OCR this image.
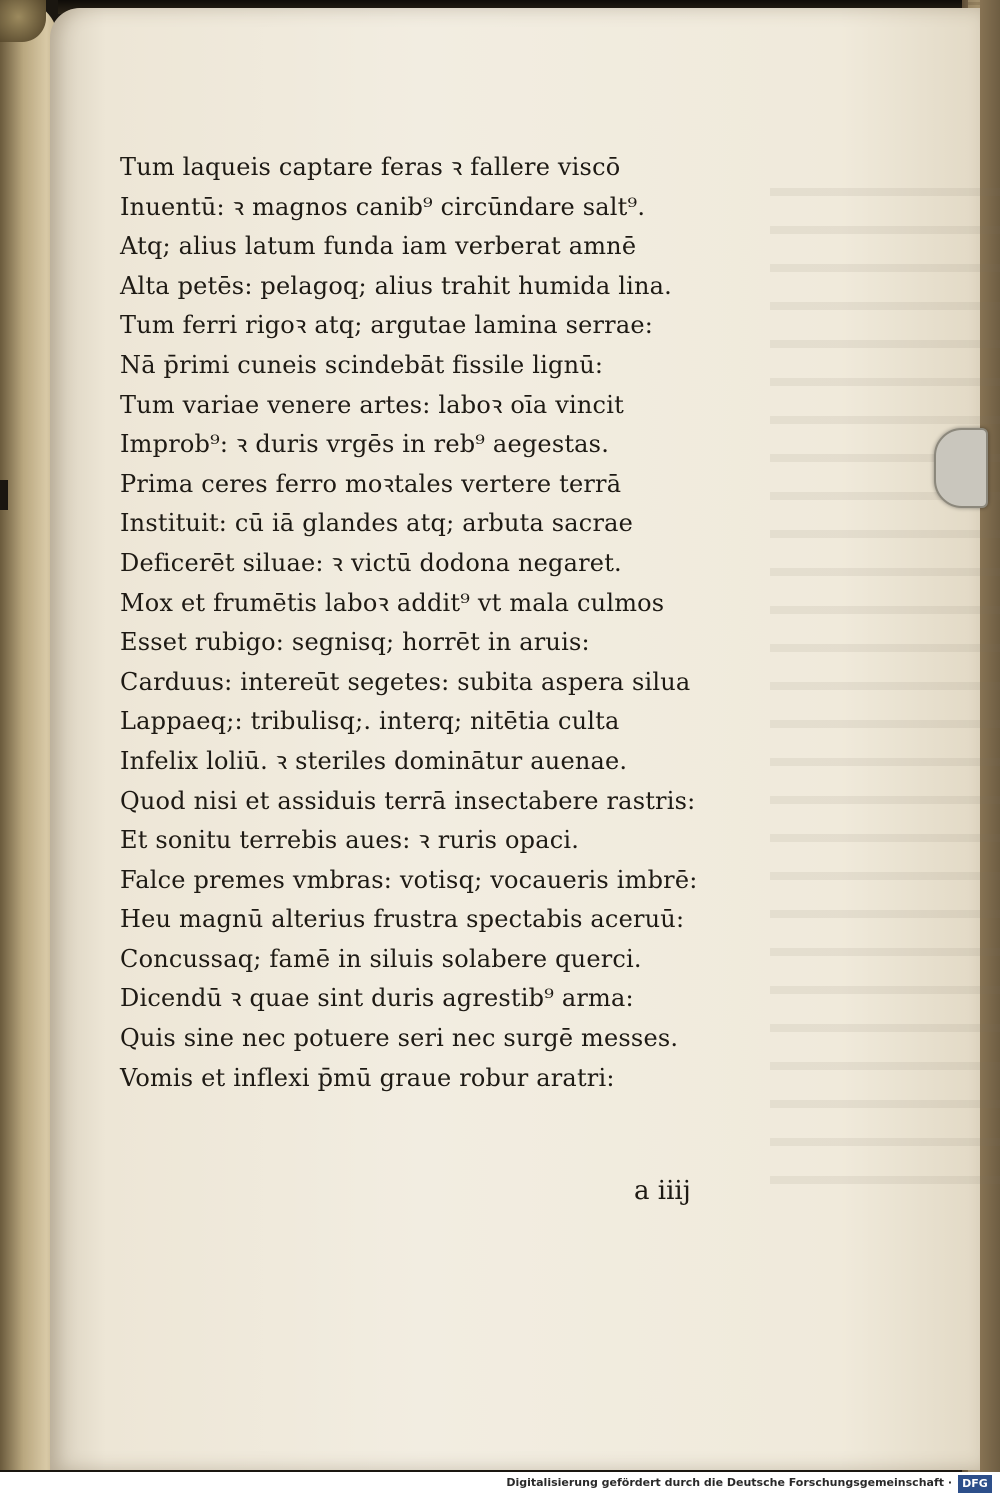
Tum laqueis captare feras ꝛ fallere viscō
Inuentū: ꝛ magnos canib⁹ circūndare salt⁹.
Atq; alius latum funda iam verberat amnē
Alta petēs: pelagoq; alius trahit humida lina.
Tum ferri rigoꝛ atq; argutae lamina serrae:
Nā p̄rimi cuneis scindebāt fissile lignū:
Tum variae venere artes: laboꝛ oīa vincit
Improb⁹: ꝛ duris vrgēs in reb⁹ aegestas.
Prima ceres ferro moꝛtales vertere terrā
Instituit: cū iā glandes atq; arbuta sacrae
Deficerēt siluae: ꝛ victū dodona negaret.
Mox et frumētis laboꝛ addit⁹ vt mala culmos
Esset rubigo: segnisq; horrēt in aruis:
Carduus: intereūt segetes: subita aspera silua
Lappaeq;: tribulisq;. interq; nitētia culta
Infelix loliū. ꝛ steriles dominātur auenae.
Quod nisi et assiduis terrā insectabere rastris:
Et sonitu terrebis aues: ꝛ ruris opaci.
Falce premes vmbras: votisq; vocaueris imbrē:
Heu magnū alterius frustra spectabis aceruū:
Concussaq; famē in siluis solabere querci.
Dicendū ꝛ quae sint duris agrestib⁹ arma:
Quis sine nec potuere seri nec surgē messes.
Vomis et inflexi p̄mū graue robur aratri:
a iiij
Digitalisierung gefördert durch die Deutsche Forschungsgemeinschaft · DFG
